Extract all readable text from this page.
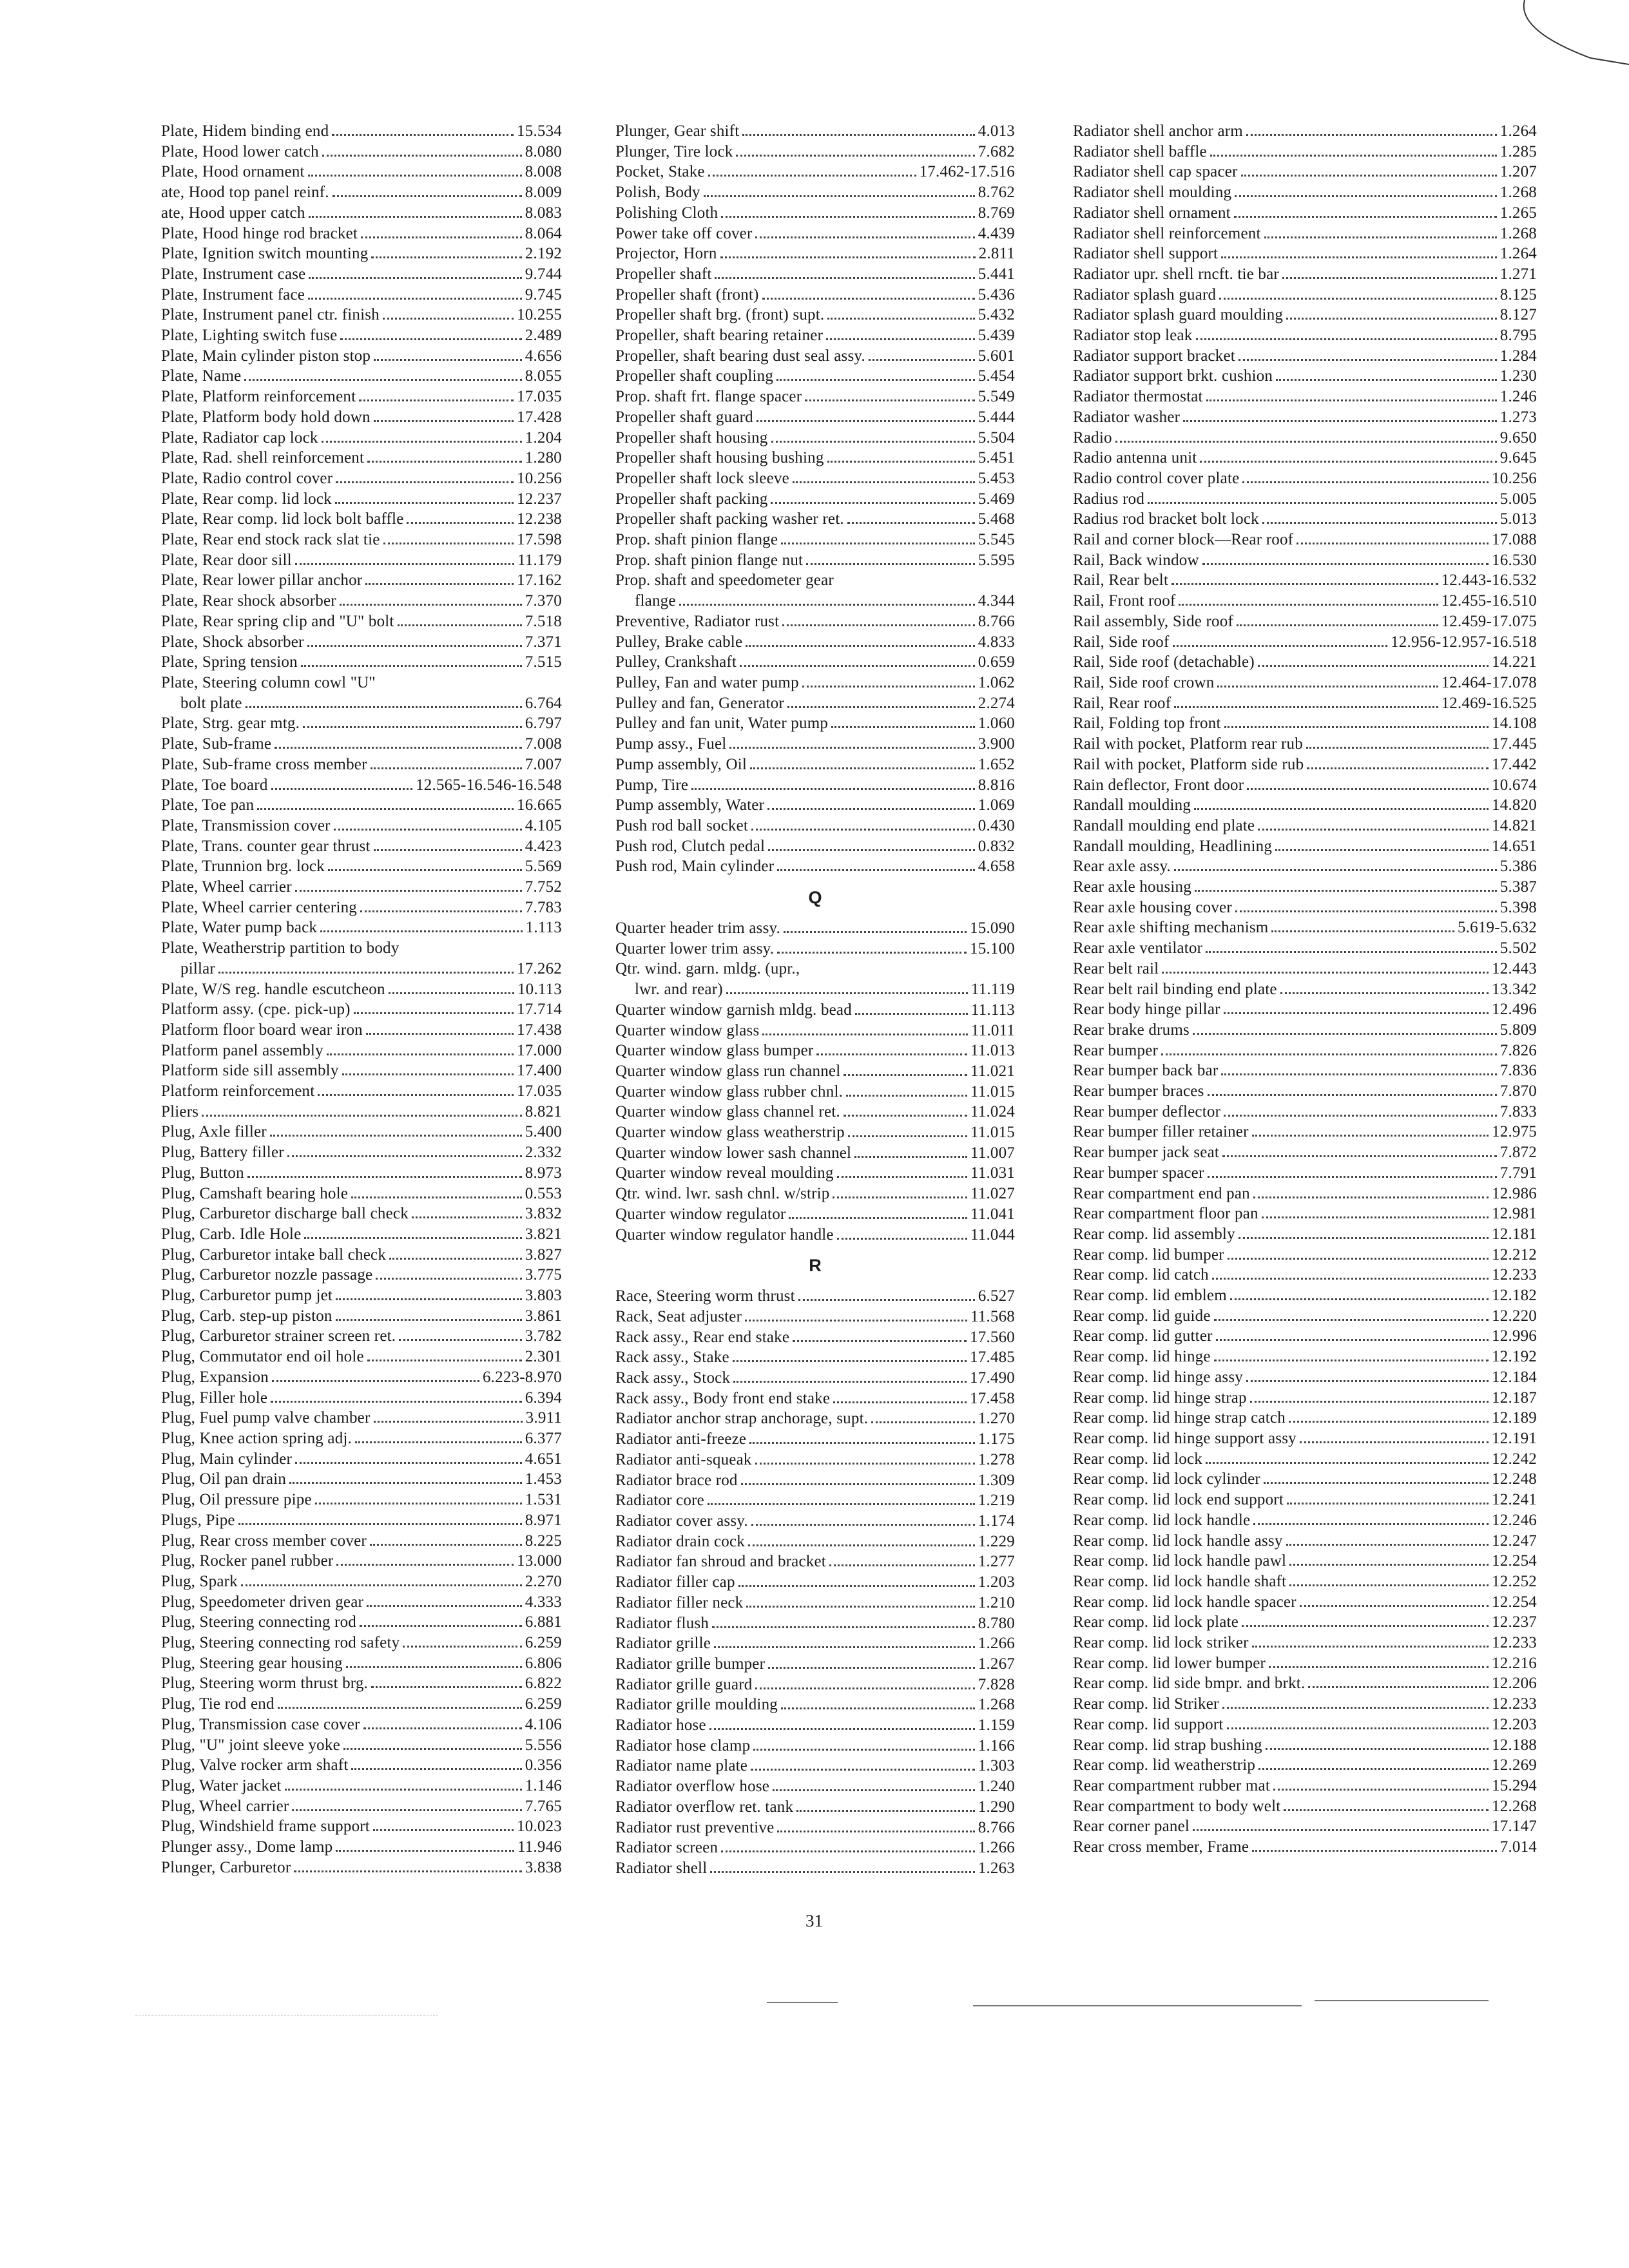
Plate, Hidem binding end	15.534
Plate, Hood lower catch	8.080
Plate, Hood ornament	8.008
ate, Hood top panel reinf.	8.009
ate, Hood upper catch	8.083
Plate, Hood hinge rod bracket	8.064
Plate, Ignition switch mounting	2.192
Plate, Instrument case	9.744
Plate, Instrument face	9.745
Plate, Instrument panel ctr. finish	10.255
Plate, Lighting switch fuse	2.489
Plate, Main cylinder piston stop	4.656
Plate, Name	8.055
Plate, Platform reinforcement	17.035
Plate, Platform body hold down	17.428
Plate, Radiator cap lock	1.204
Plate, Rad. shell reinforcement	1.280
Plate, Radio control cover	10.256
Plate, Rear comp. lid lock	12.237
Plate, Rear comp. lid lock bolt baffle	12.238
Plate, Rear end stock rack slat tie	17.598
Plate, Rear door sill	11.179
Plate, Rear lower pillar anchor	17.162
Plate, Rear shock absorber	7.370
Plate, Rear spring clip and "U" bolt	7.518
Plate, Shock absorber	7.371
Plate, Spring tension	7.515
Plate, Steering column cowl "U"
bolt plate	6.764
Plate, Strg. gear mtg.	6.797
Plate, Sub-frame	7.008
Plate, Sub-frame cross member	7.007
Plate, Toe board	12.565-16.546-16.548
Plate, Toe pan	16.665
Plate, Transmission cover	4.105
Plate, Trans. counter gear thrust	4.423
Plate, Trunnion brg. lock	5.569
Plate, Wheel carrier	7.752
Plate, Wheel carrier centering	7.783
Plate, Water pump back	1.113
Plate, Weatherstrip partition to body
pillar	17.262
Plate, W/S reg. handle escutcheon	10.113
Platform assy. (cpe. pick-up)	17.714
Platform floor board wear iron	17.438
Platform panel assembly	17.000
Platform side sill assembly	17.400
Platform reinforcement	17.035
Pliers	8.821
Plug, Axle filler	5.400
Plug, Battery filler	2.332
Plug, Button	8.973
Plug, Camshaft bearing hole	0.553
Plug, Carburetor discharge ball check	3.832
Plug, Carb. Idle Hole	3.821
Plug, Carburetor intake ball check	3.827
Plug, Carburetor nozzle passage	3.775
Plug, Carburetor pump jet	3.803
Plug, Carb. step-up piston	3.861
Plug, Carburetor strainer screen ret.	3.782
Plug, Commutator end oil hole	2.301
Plug, Expansion	6.223-8.970
Plug, Filler hole	6.394
Plug, Fuel pump valve chamber	3.911
Plug, Knee action spring adj.	6.377
Plug, Main cylinder	4.651
Plug, Oil pan drain	1.453
Plug, Oil pressure pipe	1.531
Plugs, Pipe	8.971
Plug, Rear cross member cover	8.225
Plug, Rocker panel rubber	13.000
Plug, Spark	2.270
Plug, Speedometer driven gear	4.333
Plug, Steering connecting rod	6.881
Plug, Steering connecting rod safety	6.259
Plug, Steering gear housing	6.806
Plug, Steering worm thrust brg.	6.822
Plug, Tie rod end	6.259
Plug, Transmission case cover	4.106
Plug, "U" joint sleeve yoke	5.556
Plug, Valve rocker arm shaft	0.356
Plug, Water jacket	1.146
Plug, Wheel carrier	7.765
Plug, Windshield frame support	10.023
Plunger assy., Dome lamp	11.946
Plunger, Carburetor	3.838
Plunger, Gear shift	4.013
Plunger, Tire lock	7.682
Pocket, Stake	17.462-17.516
Polish, Body	8.762
Polishing Cloth	8.769
Power take off cover	4.439
Projector, Horn	2.811
Propeller shaft	5.441
Propeller shaft (front)	5.436
Propeller shaft brg. (front) supt.	5.432
Propeller, shaft bearing retainer	5.439
Propeller, shaft bearing dust seal assy.	5.601
Propeller shaft coupling	5.454
Prop. shaft frt. flange spacer	5.549
Propeller shaft guard	5.444
Propeller shaft housing	5.504
Propeller shaft housing bushing	5.451
Propeller shaft lock sleeve	5.453
Propeller shaft packing	5.469
Propeller shaft packing washer ret.	5.468
Prop. shaft pinion flange	5.545
Prop. shaft pinion flange nut	5.595
Prop. shaft and speedometer gear
flange	4.344
Preventive, Radiator rust	8.766
Pulley, Brake cable	4.833
Pulley, Crankshaft	0.659
Pulley, Fan and water pump	1.062
Pulley and fan, Generator	2.274
Pulley and fan unit, Water pump	1.060
Pump assy., Fuel	3.900
Pump assembly, Oil	1.652
Pump, Tire	8.816
Pump assembly, Water	1.069
Push rod ball socket	0.430
Push rod, Clutch pedal	0.832
Push rod, Main cylinder	4.658
Q
Quarter header trim assy.	15.090
Quarter lower trim assy.	15.100
Qtr. wind. garn. mldg. (upr.,
lwr. and rear)	11.119
Quarter window garnish mldg. bead	11.113
Quarter window glass	11.011
Quarter window glass bumper	11.013
Quarter window glass run channel	11.021
Quarter window glass rubber chnl.	11.015
Quarter window glass channel ret.	11.024
Quarter window glass weatherstrip	11.015
Quarter window lower sash channel	11.007
Quarter window reveal moulding	11.031
Qtr. wind. lwr. sash chnl. w/strip	11.027
Quarter window regulator	11.041
Quarter window regulator handle	11.044
R
Race, Steering worm thrust	6.527
Rack, Seat adjuster	11.568
Rack assy., Rear end stake	17.560
Rack assy., Stake	17.485
Rack assy., Stock	17.490
Rack assy., Body front end stake	17.458
Radiator anchor strap anchorage, supt.	1.270
Radiator anti-freeze	1.175
Radiator anti-squeak	1.278
Radiator brace rod	1.309
Radiator core	1.219
Radiator cover assy.	1.174
Radiator drain cock	1.229
Radiator fan shroud and bracket	1.277
Radiator filler cap	1.203
Radiator filler neck	1.210
Radiator flush	8.780
Radiator grille	1.266
Radiator grille bumper	1.267
Radiator grille guard	7.828
Radiator grille moulding	1.268
Radiator hose	1.159
Radiator hose clamp	1.166
Radiator name plate	1.303
Radiator overflow hose	1.240
Radiator overflow ret. tank	1.290
Radiator rust preventive	8.766
Radiator screen	1.266
Radiator shell	1.263
Radiator shell anchor arm	1.264
Radiator shell baffle	1.285
Radiator shell cap spacer	1.207
Radiator shell moulding	1.268
Radiator shell ornament	1.265
Radiator shell reinforcement	1.268
Radiator shell support	1.264
Radiator upr. shell rncft. tie bar	1.271
Radiator splash guard	8.125
Radiator splash guard moulding	8.127
Radiator stop leak	8.795
Radiator support bracket	1.284
Radiator support brkt. cushion	1.230
Radiator thermostat	1.246
Radiator washer	1.273
Radio	9.650
Radio antenna unit	9.645
Radio control cover plate	10.256
Radius rod	5.005
Radius rod bracket bolt lock	5.013
Rail and corner block—Rear roof	17.088
Rail, Back window	16.530
Rail, Rear belt	12.443-16.532
Rail, Front roof	12.455-16.510
Rail assembly, Side roof	12.459-17.075
Rail, Side roof	12.956-12.957-16.518
Rail, Side roof (detachable)	14.221
Rail, Side roof crown	12.464-17.078
Rail, Rear roof	12.469-16.525
Rail, Folding top front	14.108
Rail with pocket, Platform rear rub	17.445
Rail with pocket, Platform side rub	17.442
Rain deflector, Front door	10.674
Randall moulding	14.820
Randall moulding end plate	14.821
Randall moulding, Headlining	14.651
Rear axle assy.	5.386
Rear axle housing	5.387
Rear axle housing cover	5.398
Rear axle shifting mechanism	5.619-5.632
Rear axle ventilator	5.502
Rear belt rail	12.443
Rear belt rail binding end plate	13.342
Rear body hinge pillar	12.496
Rear brake drums	5.809
Rear bumper	7.826
Rear bumper back bar	7.836
Rear bumper braces	7.870
Rear bumper deflector	7.833
Rear bumper filler retainer	12.975
Rear bumper jack seat	7.872
Rear bumper spacer	7.791
Rear compartment end pan	12.986
Rear compartment floor pan	12.981
Rear comp. lid assembly	12.181
Rear comp. lid bumper	12.212
Rear comp. lid catch	12.233
Rear comp. lid emblem	12.182
Rear comp. lid guide	12.220
Rear comp. lid gutter	12.996
Rear comp. lid hinge	12.192
Rear comp. lid hinge assy	12.184
Rear comp. lid hinge strap	12.187
Rear comp. lid hinge strap catch	12.189
Rear comp. lid hinge support assy	12.191
Rear comp. lid lock	12.242
Rear comp. lid lock cylinder	12.248
Rear comp. lid lock end support	12.241
Rear comp. lid lock handle	12.246
Rear comp. lid lock handle assy	12.247
Rear comp. lid lock handle pawl	12.254
Rear comp. lid lock handle shaft	12.252
Rear comp. lid lock handle spacer	12.254
Rear comp. lid lock plate	12.237
Rear comp. lid lock striker	12.233
Rear comp. lid lower bumper	12.216
Rear comp. lid side bmpr. and brkt.	12.206
Rear comp. lid Striker	12.233
Rear comp. lid support	12.203
Rear comp. lid strap bushing	12.188
Rear comp. lid weatherstrip	12.269
Rear compartment rubber mat	15.294
Rear compartment to body welt	12.268
Rear corner panel	17.147
Rear cross member, Frame	7.014
31
